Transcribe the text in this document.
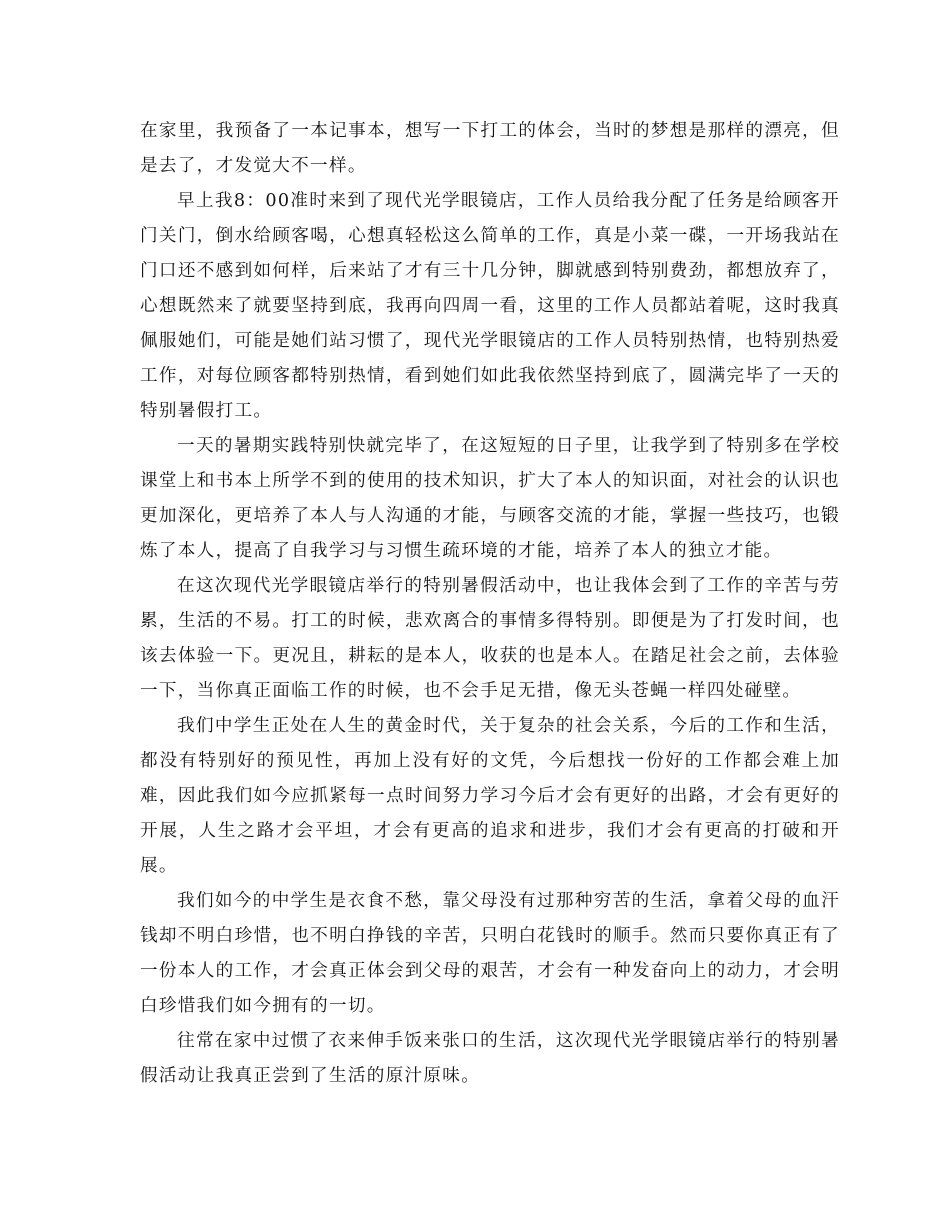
在家里，我预备了一本记事本，想写一下打工的体会，当时的梦想是那样的漂亮，但是去了，才发觉大不一样。

早上我8：00准时来到了现代光学眼镜店，工作人员给我分配了任务是给顾客开门关门，倒水给顾客喝，心想真轻松这么简单的工作，真是小菜一碟，一开场我站在门口还不感到如何样，后来站了才有三十几分钟，脚就感到特别费劲，都想放弃了，心想既然来了就要坚持到底，我再向四周一看，这里的工作人员都站着呢，这时我真佩服她们，可能是她们站习惯了，现代光学眼镜店的工作人员特别热情，也特别热爱工作，对每位顾客都特别热情，看到她们如此我依然坚持到底了，圆满完毕了一天的特别暑假打工。

一天的暑期实践特别快就完毕了，在这短短的日子里，让我学到了特别多在学校课堂上和书本上所学不到的使用的技术知识，扩大了本人的知识面，对社会的认识也更加深化，更培养了本人与人沟通的才能，与顾客交流的才能，掌握一些技巧，也锻炼了本人，提高了自我学习与习惯生疏环境的才能，培养了本人的独立才能。

在这次现代光学眼镜店举行的特别暑假活动中，也让我体会到了工作的辛苦与劳累，生活的不易。打工的时候，悲欢离合的事情多得特别。即便是为了打发时间，也该去体验一下。更况且，耕耘的是本人，收获的也是本人。在踏足社会之前，去体验一下，当你真正面临工作的时候，也不会手足无措，像无头苍蝇一样四处碰壁。

我们中学生正处在人生的黄金时代，关于复杂的社会关系，今后的工作和生活，都没有特别好的预见性，再加上没有好的文凭，今后想找一份好的工作都会难上加难，因此我们如今应抓紧每一点时间努力学习今后才会有更好的出路，才会有更好的开展，人生之路才会平坦，才会有更高的追求和进步，我们才会有更高的打破和开展。

我们如今的中学生是衣食不愁，靠父母没有过那种穷苦的生活，拿着父母的血汗钱却不明白珍惜，也不明白挣钱的辛苦，只明白花钱时的顺手。然而只要你真正有了一份本人的工作，才会真正体会到父母的艰苦，才会有一种发奋向上的动力，才会明白珍惜我们如今拥有的一切。

往常在家中过惯了衣来伸手饭来张口的生活，这次现代光学眼镜店举行的特别暑假活动让我真正尝到了生活的原汁原味。
